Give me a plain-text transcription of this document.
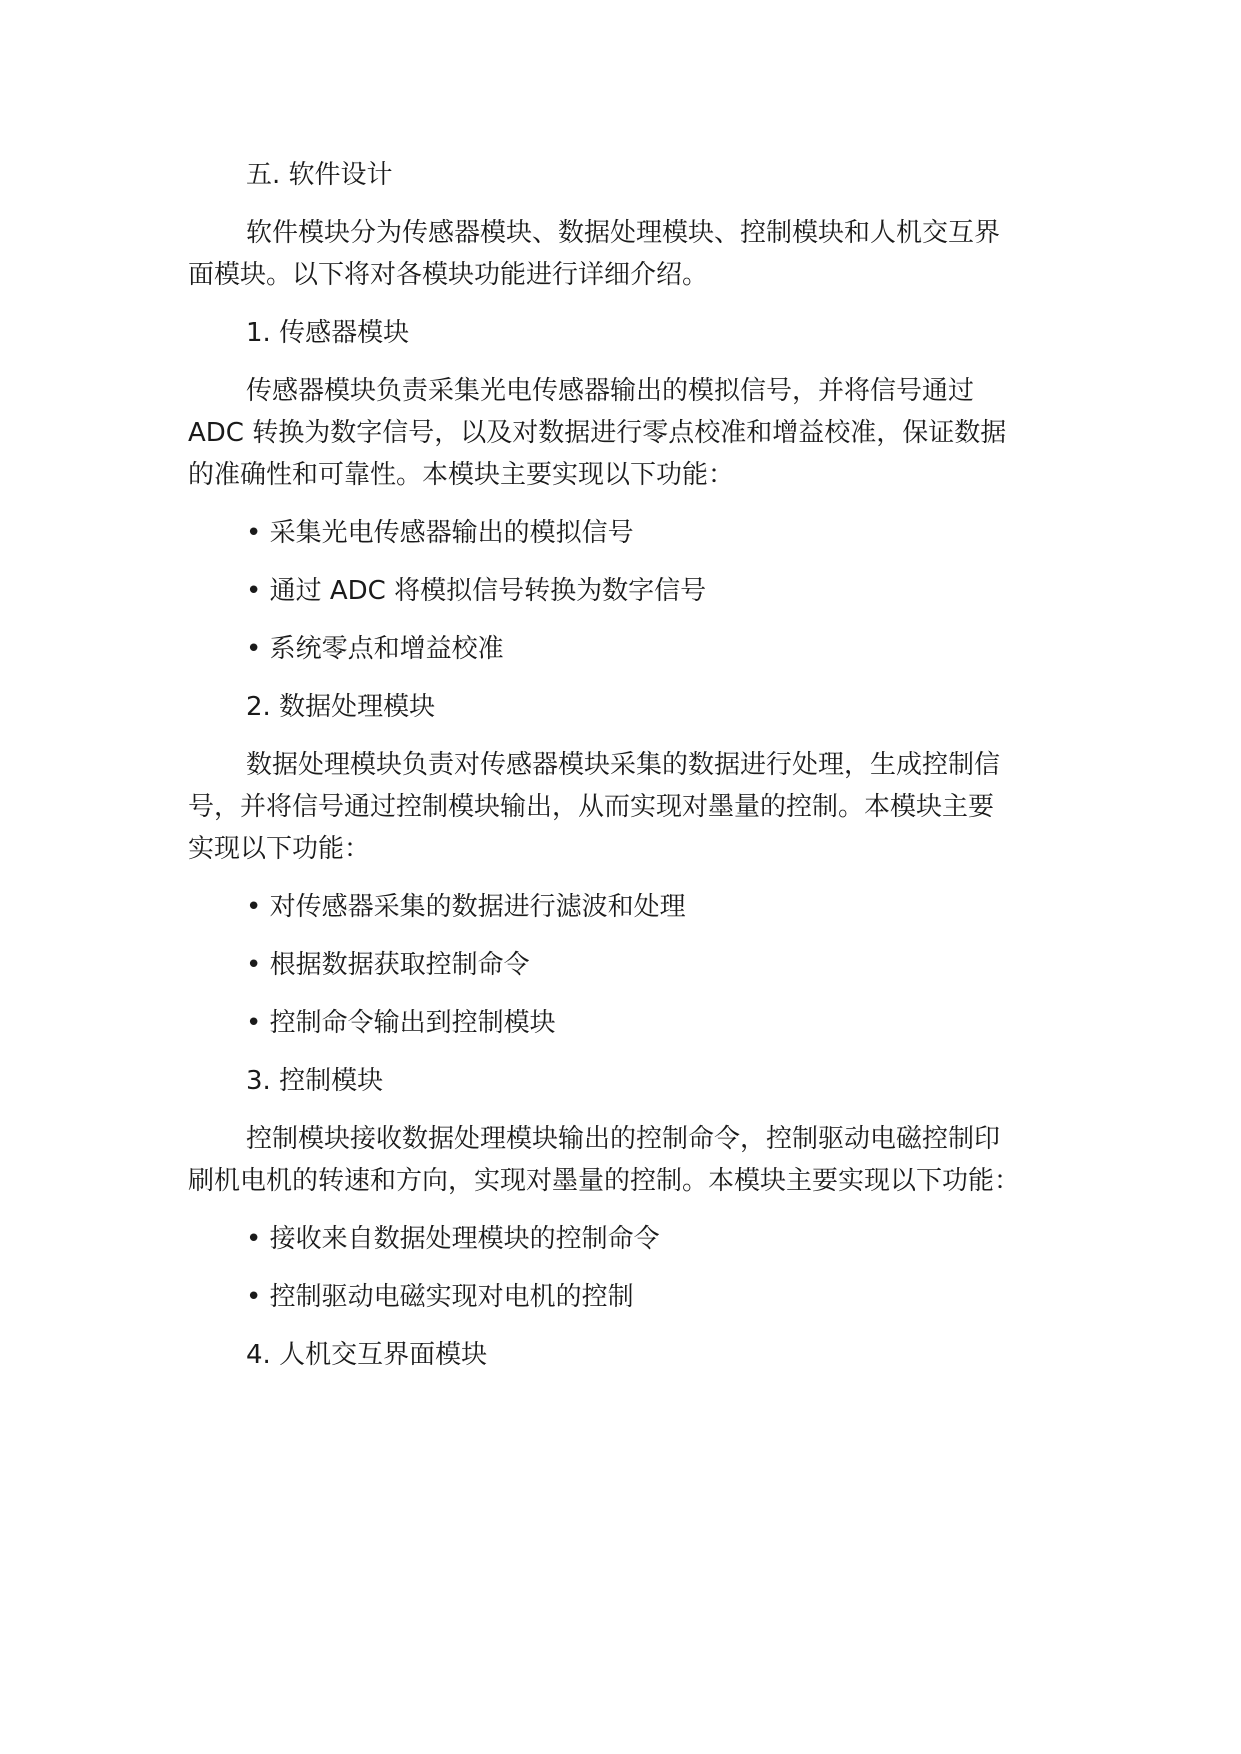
五. 软件设计
软件模块分为传感器模块、数据处理模块、控制模块和人机交互界
面模块。以下将对各模块功能进行详细介绍。
1. 传感器模块
传感器模块负责采集光电传感器输出的模拟信号，并将信号通过
ADC 转换为数字信号，以及对数据进行零点校准和增益校准，保证数据
的准确性和可靠性。本模块主要实现以下功能：
• 采集光电传感器输出的模拟信号
• 通过 ADC 将模拟信号转换为数字信号
• 系统零点和增益校准
2. 数据处理模块
数据处理模块负责对传感器模块采集的数据进行处理，生成控制信
号，并将信号通过控制模块输出，从而实现对墨量的控制。本模块主要
实现以下功能：
• 对传感器采集的数据进行滤波和处理
• 根据数据获取控制命令
• 控制命令输出到控制模块
3. 控制模块
控制模块接收数据处理模块输出的控制命令，控制驱动电磁控制印
刷机电机的转速和方向，实现对墨量的控制。本模块主要实现以下功能：
• 接收来自数据处理模块的控制命令
• 控制驱动电磁实现对电机的控制
4. 人机交互界面模块
